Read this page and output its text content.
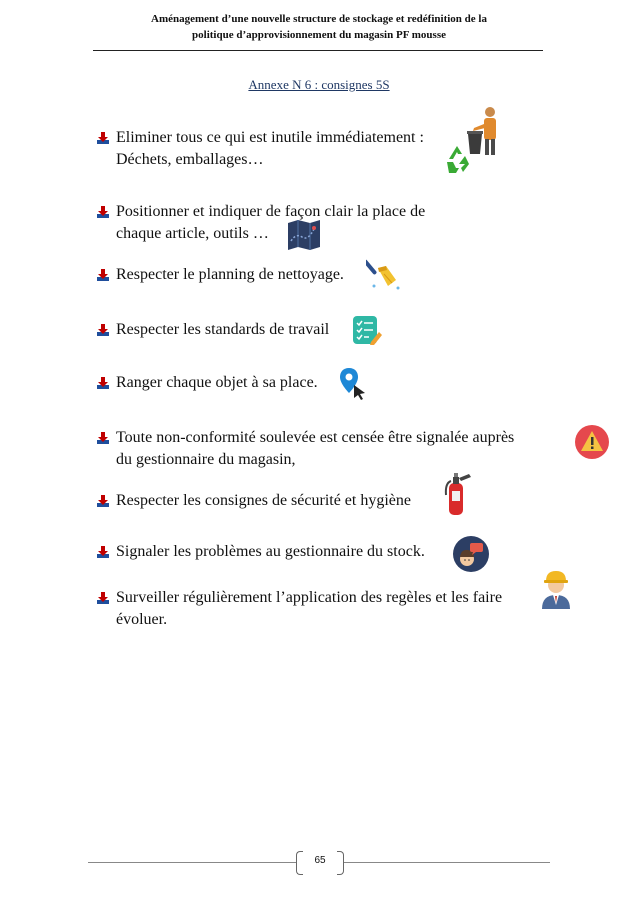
Aménagement d’une nouvelle structure de stockage et redéfinition de la
politique d’approvisionnement du magasin PF mousse
Annexe N 6 : consignes 5S
Eliminer tous ce qui est inutile immédiatement :
Déchets, emballages…
Positionner et indiquer de façon clair la place de
chaque article, outils …
Respecter le planning de nettoyage.
Respecter les standards de travail
Ranger chaque objet à sa place.
Toute non-conformité soulevée est censée être signalée auprès
du gestionnaire du magasin,
Respecter les consignes de sécurité et hygiène
Signaler les problèmes au gestionnaire du stock.
Surveiller régulièrement l’application des regèles et les faire
évoluer.
65
